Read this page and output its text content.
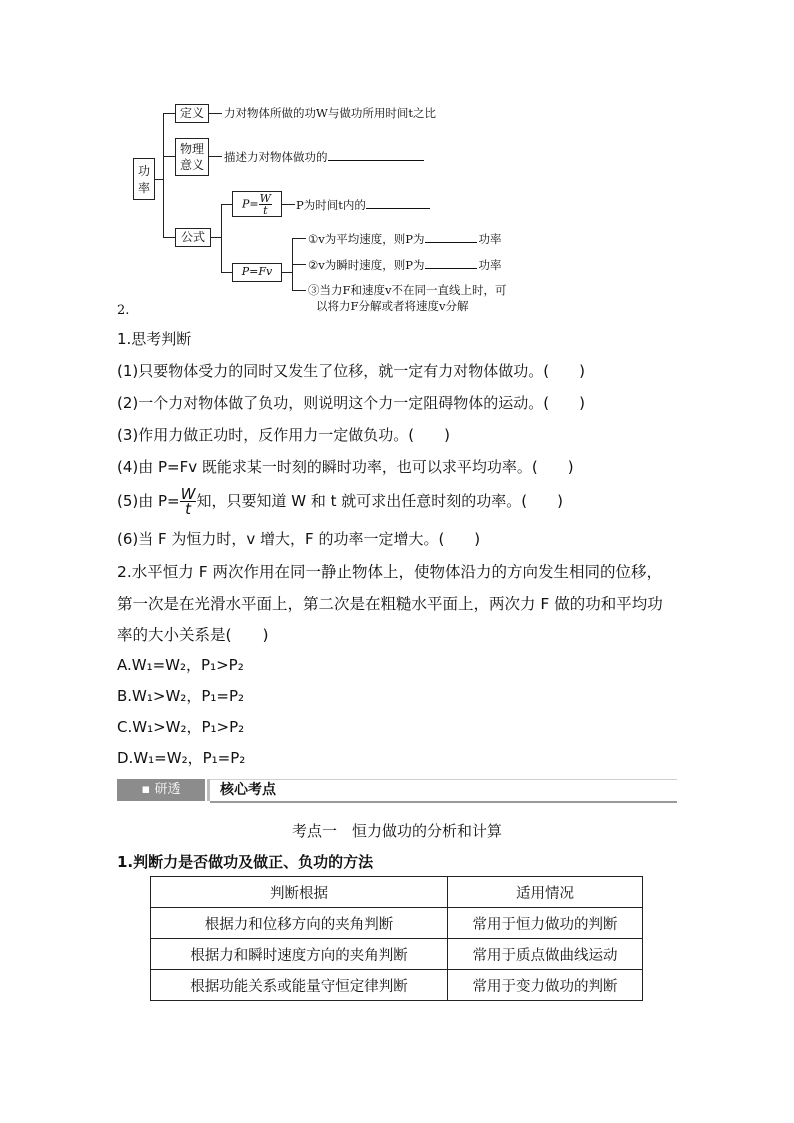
功
率
定义	力对物体所做的功W与做功所用时间t之比
物理
意义
描述力对物体做功的
公式
$P= \frac{W}{t}$ P为时间t内的
P=Fv
①v为平均速度，则P为	功率
②v为瞬时速度，则P为	功率
③当力F和速度v不在同一直线上时，可
以将力F分解或者将速度v分解
2.
1.思考判断
(1)只要物体受力的同时又发生了位移，就一定有力对物体做功。(　　)
(2)一个力对物体做了负功，则说明这个力一定阻碍物体的运动。(　　)
(3)作用力做正功时，反作用力一定做负功。(　　)
(4)由 P=Fv 既能求某一时刻的瞬时功率，也可以求平均功率。(　　)
(5)由 $P= \frac{W}{t}$ 知，只要知道 W 和 t 就可求出任意时刻的功率。(　　)
(6)当 F 为恒力时，v 增大，F 的功率一定增大。(　　)
2.水平恒力 F 两次作用在同一静止物体上，使物体沿力的方向发生相同的位移，
第一次是在光滑水平面上，第二次是在粗糙水平面上，两次力 F 做的功和平均功
率的大小关系是(　　)
A.W₁=W₂，P₁>P₂
B.W₁>W₂，P₁=P₂
C.W₁>W₂，P₁>P₂
D.W₁=W₂，P₁=P₂
▪ 研透	核心考点
考点一　恒力做功的分析和计算
1.判断力是否做功及做正、负功的方法
判断根据	适用情况
根据力和位移方向的夹角判断	常用于恒力做功的判断
根据力和瞬时速度方向的夹角判断	常用于质点做曲线运动
根据功能关系或能量守恒定律判断	常用于变力做功的判断
